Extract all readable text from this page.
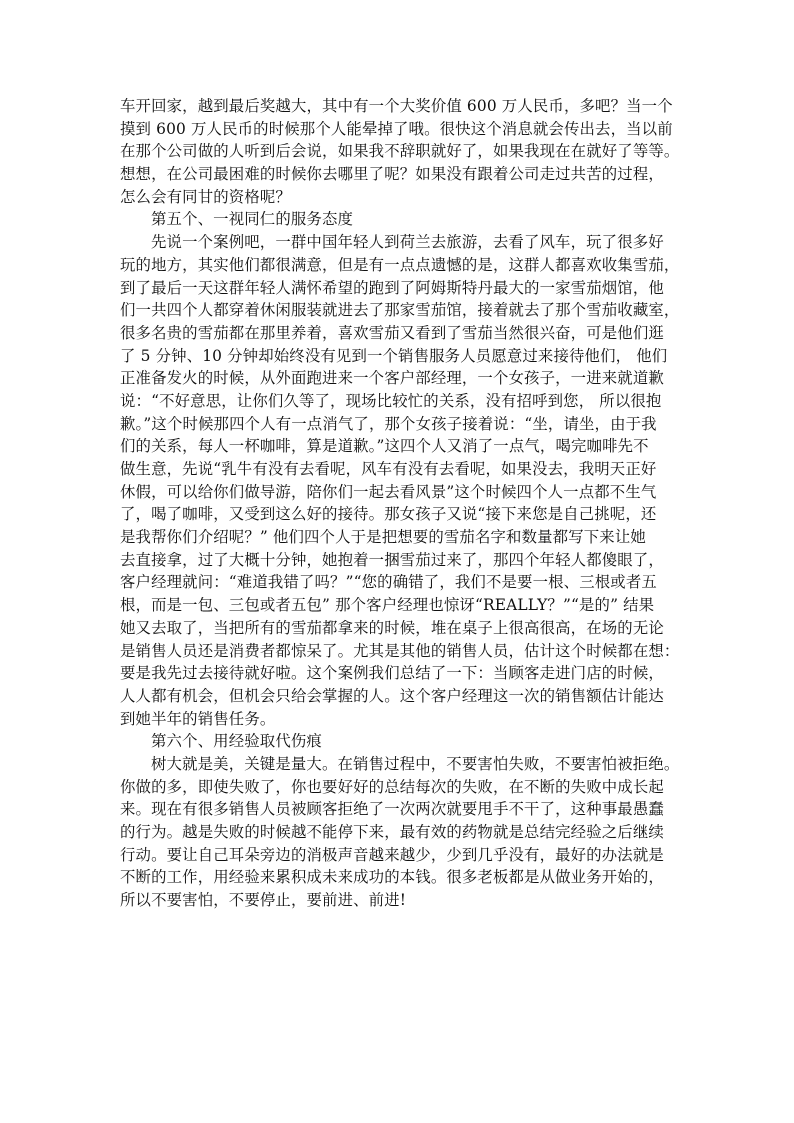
车开回家，越到最后奖越大，其中有一个大奖价值 600 万人民币，多吧？当一个
摸到 600 万人民币的时候那个人能晕掉了哦。很快这个消息就会传出去，当以前
在那个公司做的人听到后会说，如果我不辞职就好了，如果我现在在就好了等等。
想想，在公司最困难的时候你去哪里了呢？如果没有跟着公司走过共苦的过程，
怎么会有同甘的资格呢？
第五个、一视同仁的服务态度
先说一个案例吧，一群中国年轻人到荷兰去旅游，去看了风车，玩了很多好
玩的地方，其实他们都很满意，但是有一点点遗憾的是，这群人都喜欢收集雪茄，
到了最后一天这群年轻人满怀希望的跑到了阿姆斯特丹最大的一家雪茄烟馆，他
们一共四个人都穿着休闲服装就进去了那家雪茄馆，接着就去了那个雪茄收藏室，
很多名贵的雪茄都在那里养着，喜欢雪茄又看到了雪茄当然很兴奋，可是他们逛
了 5 分钟、10 分钟却始终没有见到一个销售服务人员愿意过来接待他们， 他们
正准备发火的时候，从外面跑进来一个客户部经理，一个女孩子，一进来就道歉
说：“不好意思，让你们久等了，现场比较忙的关系，没有招呼到您， 所以很抱
歉。”这个时候那四个人有一点消气了，那个女孩子接着说：“坐，请坐，由于我
们的关系，每人一杯咖啡，算是道歉。”这四个人又消了一点气，喝完咖啡先不
做生意，先说“乳牛有没有去看呢，风车有没有去看呢，如果没去，我明天正好
休假，可以给你们做导游，陪你们一起去看风景”这个时候四个人一点都不生气
了，喝了咖啡，又受到这么好的接待。那女孩子又说“接下来您是自己挑呢，还
是我帮你们介绍呢？” 他们四个人于是把想要的雪茄名字和数量都写下来让她
去直接拿，过了大概十分钟，她抱着一捆雪茄过来了，那四个年轻人都傻眼了，
客户经理就问：“难道我错了吗？”“您的确错了，我们不是要一根、三根或者五
根，而是一包、三包或者五包” 那个客户经理也惊讶“REALLY？”“是的” 结果
她又去取了，当把所有的雪茄都拿来的时候，堆在桌子上很高很高，在场的无论
是销售人员还是消费者都惊呆了。尤其是其他的销售人员，估计这个时候都在想：
要是我先过去接待就好啦。这个案例我们总结了一下：当顾客走进门店的时候，
人人都有机会，但机会只给会掌握的人。这个客户经理这一次的销售额估计能达
到她半年的销售任务。
第六个、用经验取代伤痕
树大就是美，关键是量大。在销售过程中，不要害怕失败，不要害怕被拒绝。
你做的多，即使失败了，你也要好好的总结每次的失败，在不断的失败中成长起
来。现在有很多销售人员被顾客拒绝了一次两次就要甩手不干了，这种事最愚蠢
的行为。越是失败的时候越不能停下来，最有效的药物就是总结完经验之后继续
行动。要让自己耳朵旁边的消极声音越来越少，少到几乎没有，最好的办法就是
不断的工作，用经验来累积成未来成功的本钱。很多老板都是从做业务开始的，
所以不要害怕，不要停止，要前进、前进!
